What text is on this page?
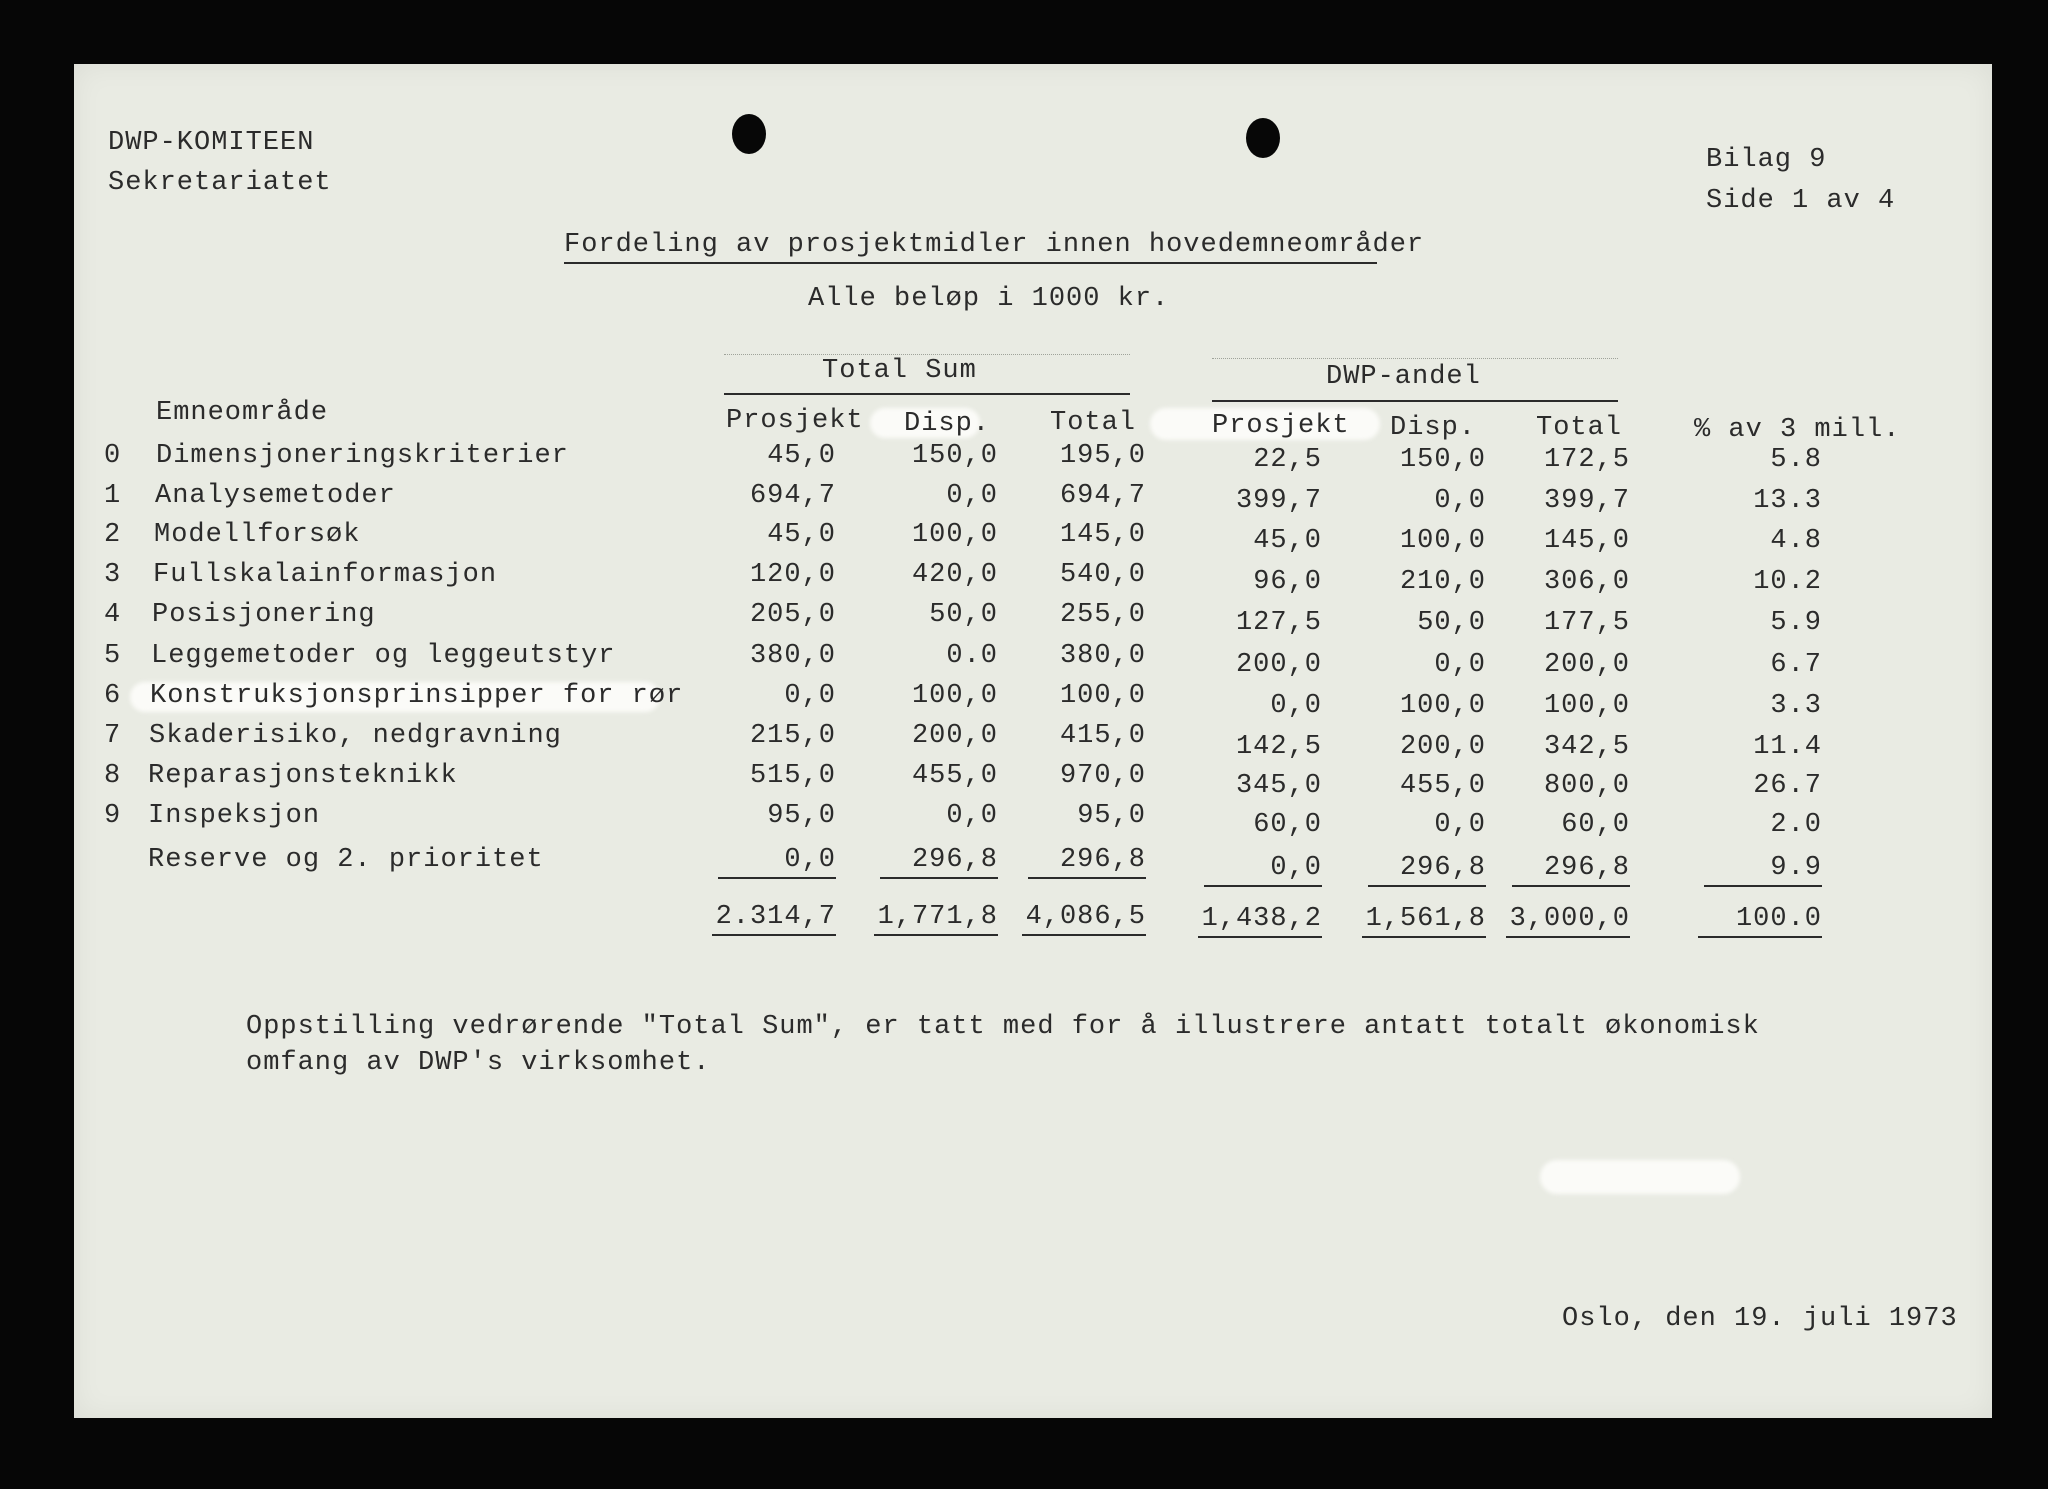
DWP-KOMITEEN
Sekretariatet
Bilag 9
Side 1 av 4
Fordeling av prosjektmidler innen hovedemneområder
Alle beløp i 1000 kr.
Total Sum	DWP-andel
Emneområde	Prosjekt Disp. Total	Prosjekt Disp. Total	% av 3 mill.
0 Dimensjoneringskriterier	45,0	150,0	195,0	22,5	150,0	172,5	5.8
1 Analysemetoder	694,7	0,0	694,7	399,7	0,0	399,7	13.3
2 Modellforsøk	45,0	100,0	145,0	45,0	100,0	145,0	4.8
3 Fullskalainformasjon	120,0	420,0	540,0	96,0	210,0	306,0	10.2
4 Posisjonering	205,0	50,0	255,0	127,5	50,0	177,5	5.9
5 Leggemetoder og leggeutstyr	380,0	0.0	380,0	200,0	0,0	200,0	6.7
6 Konstruksjonsprinsipper for rør	0,0	100,0	100,0	0,0	100,0	100,0	3.3
7 Skaderisiko, nedgravning	215,0	200,0	415,0	142,5	200,0	342,5	11.4
8 Reparasjonsteknikk	515,0	455,0	970,0	345,0	455,0	800,0	26.7
9 Inspeksjon	95,0	0,0	95,0	60,0	0,0	60,0	2.0
Reserve og 2. prioritet	0,0	296,8	296,8	0,0	296,8	296,8	9.9
2.314,7 1,771,8 4,086,5 1,438,2 1,561,8 3,000,0	100.0
Oppstilling vedrørende "Total Sum", er tatt med for å illustrere antatt totalt økonomisk
omfang av DWP's virksomhet.
Oslo, den 19. juli 1973
